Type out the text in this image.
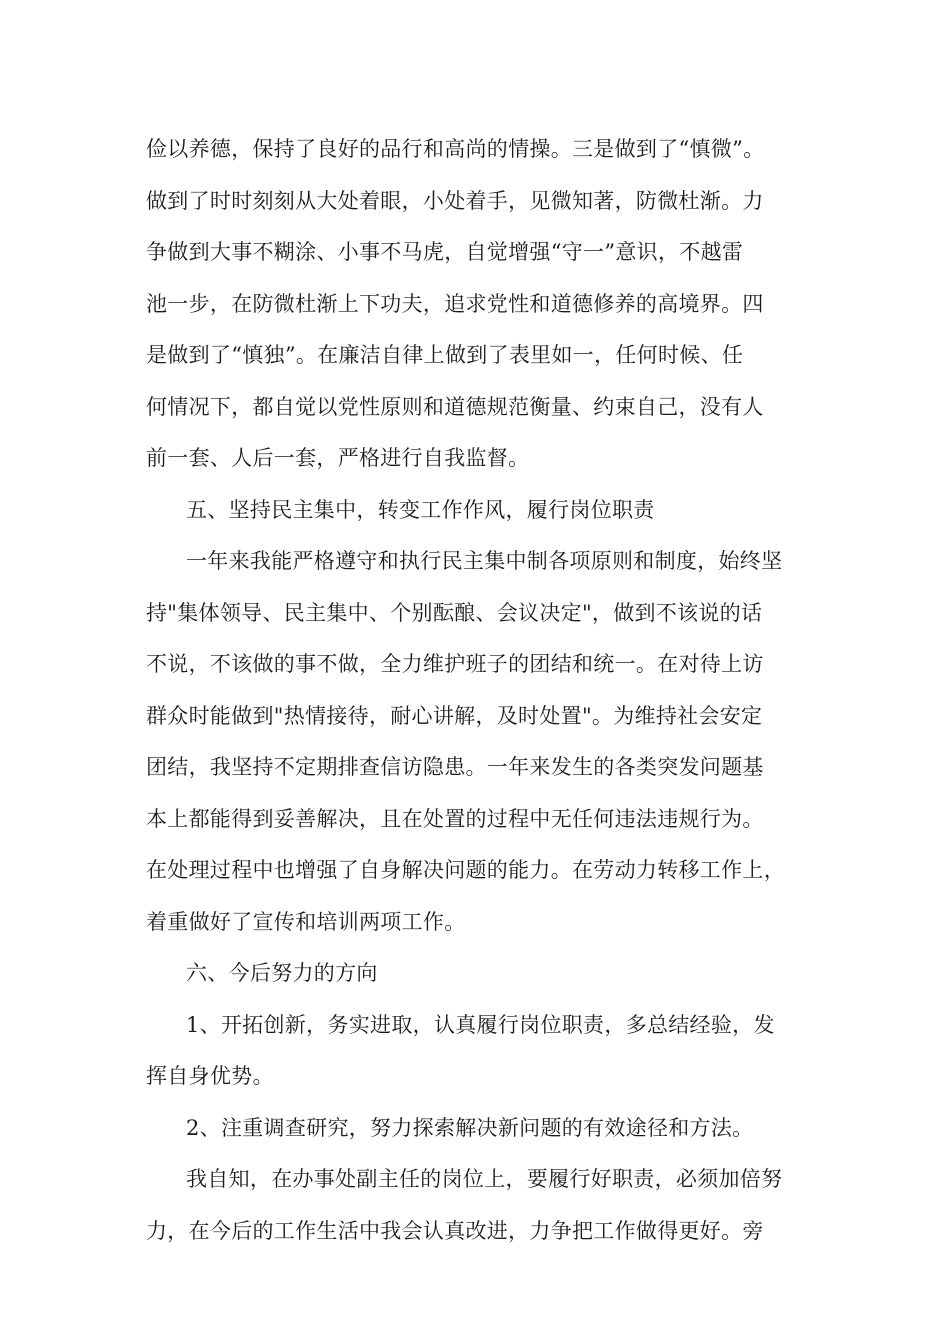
俭以养德，保持了良好的品行和高尚的情操。三是做到了“慎微”。
做到了时时刻刻从大处着眼，小处着手，见微知著，防微杜渐。力
争做到大事不糊涂、小事不马虎，自觉增强“守一”意识，不越雷
池一步，在防微杜渐上下功夫，追求党性和道德修养的高境界。四
是做到了“慎独”。在廉洁自律上做到了表里如一，任何时候、任
何情况下，都自觉以党性原则和道德规范衡量、约束自己，没有人
前一套、人后一套，严格进行自我监督。
五、坚持民主集中，转变工作作风，履行岗位职责
一年来我能严格遵守和执行民主集中制各项原则和制度，始终坚
持"集体领导、民主集中、个别酝酿、会议决定"，做到不该说的话
不说，不该做的事不做，全力维护班子的团结和统一。在对待上访
群众时能做到"热情接待，耐心讲解，及时处置"。为维持社会安定
团结，我坚持不定期排查信访隐患。一年来发生的各类突发问题基
本上都能得到妥善解决，且在处置的过程中无任何违法违规行为。
在处理过程中也增强了自身解决问题的能力。在劳动力转移工作上，
着重做好了宣传和培训两项工作。
六、今后努力的方向
1、开拓创新，务实进取，认真履行岗位职责，多总结经验，发
挥自身优势。
2、注重调查研究，努力探索解决新问题的有效途径和方法。
我自知，在办事处副主任的岗位上，要履行好职责，必须加倍努
力，在今后的工作生活中我会认真改进，力争把工作做得更好。旁
